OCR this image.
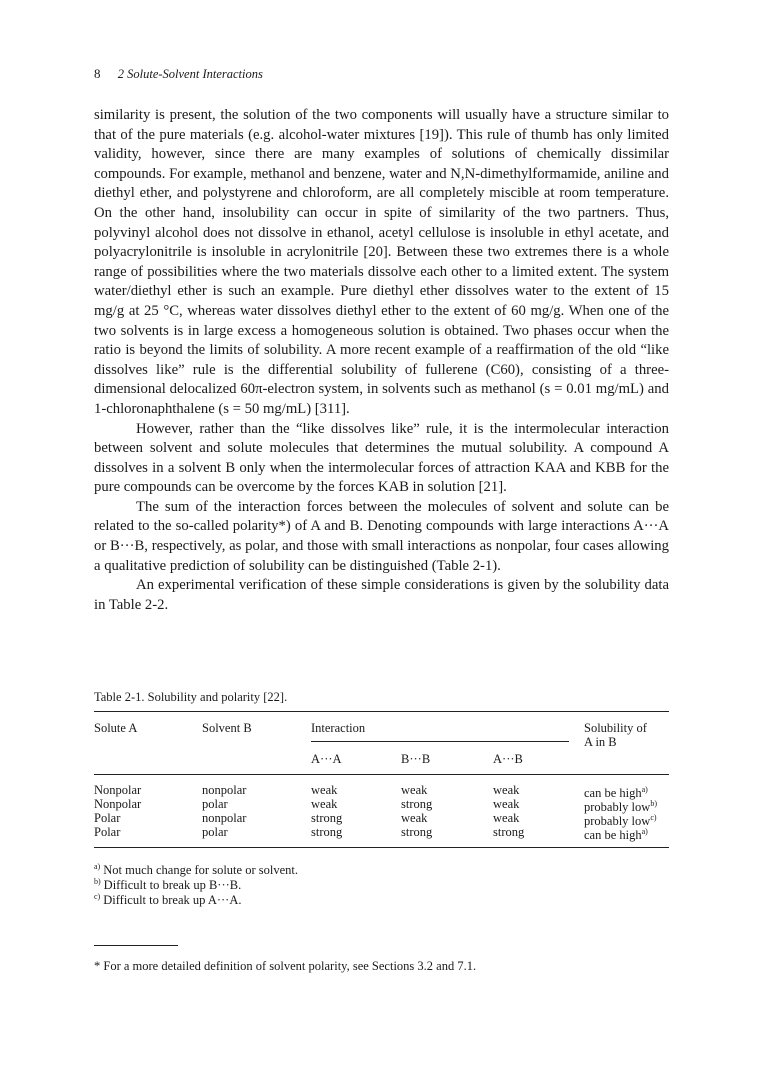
8 2 Solute-Solvent Interactions

similarity is present, the solution of the two components will usually have a structure similar to that of the pure materials (e.g. alcohol-water mixtures [19]). This rule of thumb has only limited validity, however, since there are many examples of solutions of chemically dissimilar compounds. For example, methanol and benzene, water and N,N-dimethylformamide, aniline and diethyl ether, and polystyrene and chloroform, are all completely miscible at room temperature. On the other hand, insolubility can occur in spite of similarity of the two partners. Thus, polyvinyl alcohol does not dissolve in ethanol, acetyl cellulose is insoluble in ethyl acetate, and polyacrylonitrile is insoluble in acrylonitrile [20]. Between these two extremes there is a whole range of possibilities where the two materials dissolve each other to a limited extent. The system water/diethyl ether is such an example. Pure diethyl ether dissolves water to the extent of 15 mg/g at 25 °C, whereas water dissolves diethyl ether to the extent of 60 mg/g. When one of the two solvents is in large excess a homogeneous solution is obtained. Two phases occur when the ratio is beyond the limits of solubility. A more recent example of a reaffirmation of the old “like dissolves like” rule is the differential solubility of fullerene (C60), consisting of a three-dimensional delocalized 60π-electron system, in solvents such as methanol (s = 0.01 mg/mL) and 1-chloronaphthalene (s = 50 mg/mL) [311].

However, rather than the “like dissolves like” rule, it is the intermolecular interaction between solvent and solute molecules that determines the mutual solubility. A compound A dissolves in a solvent B only when the intermolecular forces of attraction KAA and KBB for the pure compounds can be overcome by the forces KAB in solution [21].

The sum of the interaction forces between the molecules of solvent and solute can be related to the so-called polarity*) of A and B. Denoting compounds with large interactions A···A or B···B, respectively, as polar, and those with small interactions as nonpolar, four cases allowing a qualitative prediction of solubility can be distinguished (Table 2-1).

An experimental verification of these simple considerations is given by the solubility data in Table 2-2.

Table 2-1. Solubility and polarity [22].
Solute A	Solvent B	Interaction	Solubility of
A in B
A···A	B···B	A···B
Nonpolar	nonpolar	weak	weak	weak	can be high$^{a)}$
Nonpolar	polar	weak	strong	weak	probably low$^{b)}$
Polar	nonpolar	strong	weak	weak	probably low$^{c)}$
Polar	polar	strong	strong	strong	can be high$^{a)}$
$^{a)}$ Not much change for solute or solvent.
$^{b)}$ Difficult to break up B···B.
$^{c)}$ Difficult to break up A···A.
* For a more detailed definition of solvent polarity, see Sections 3.2 and 7.1.
